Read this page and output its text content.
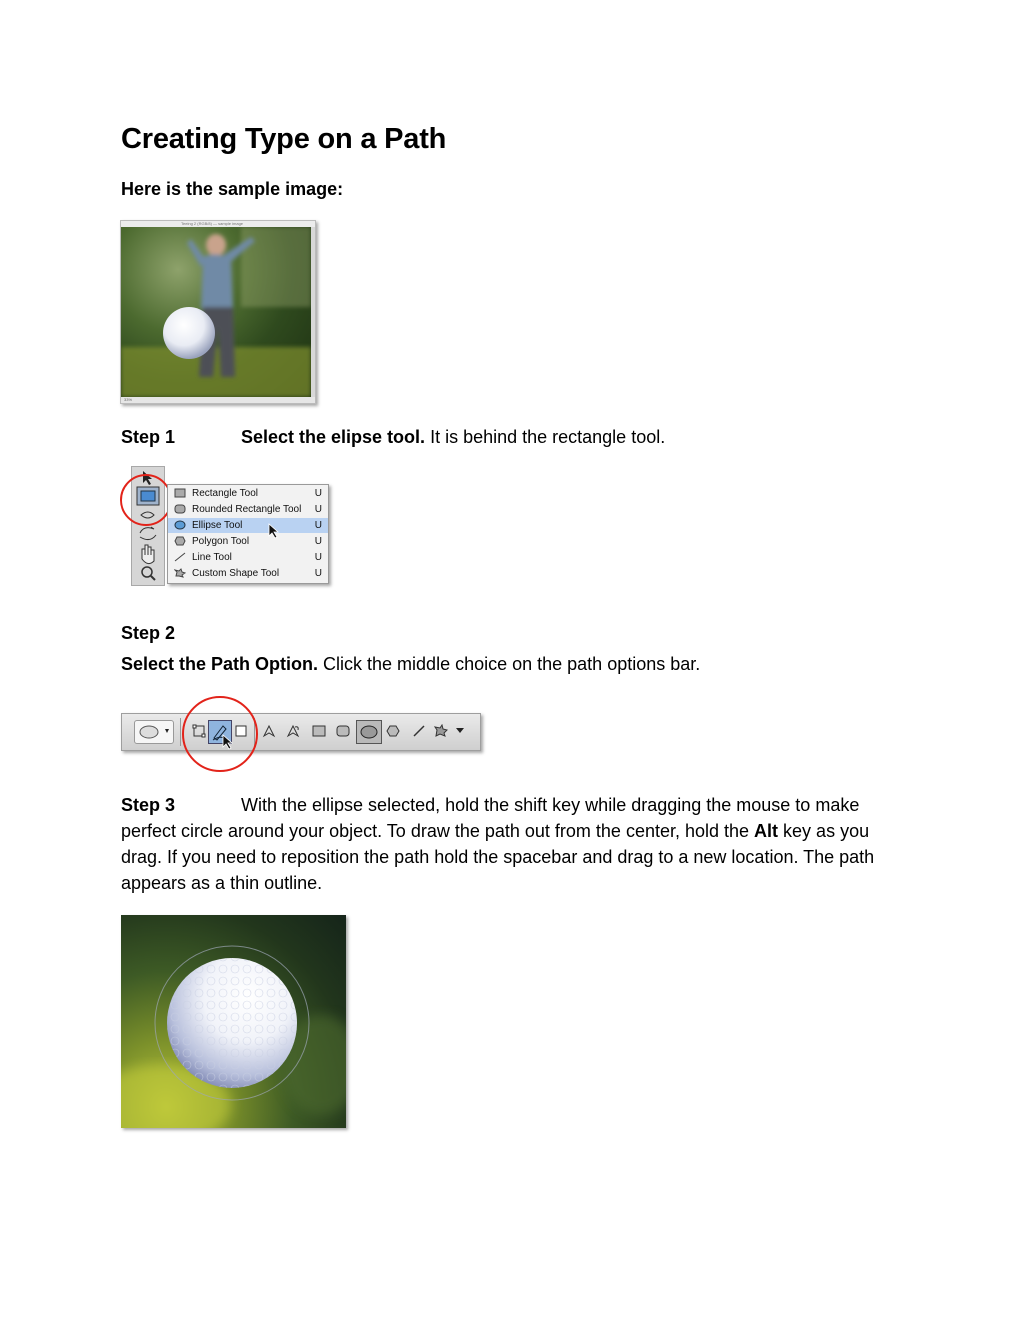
Creating Type on a Path

Here is the sample image:

Teeing 2 (RGB/8) — sample image
33%

Step 1	Select the elipse tool. It is behind the rectangle tool.

Rectangle Tool	U
Rounded Rectangle Tool U
Ellipse Tool	U
Polygon Tool	U
Line Tool	U
Custom Shape Tool	U

Step 2

Select the Path Option. Click the middle choice on the path options bar.

Step 3	With the ellipse selected, hold the shift key while dragging the mouse to make perfect circle around your object. To draw the path out from the center, hold the Alt key as you drag. If you need to reposition the path hold the spacebar and drag to a new location. The path appears as a thin outline.
